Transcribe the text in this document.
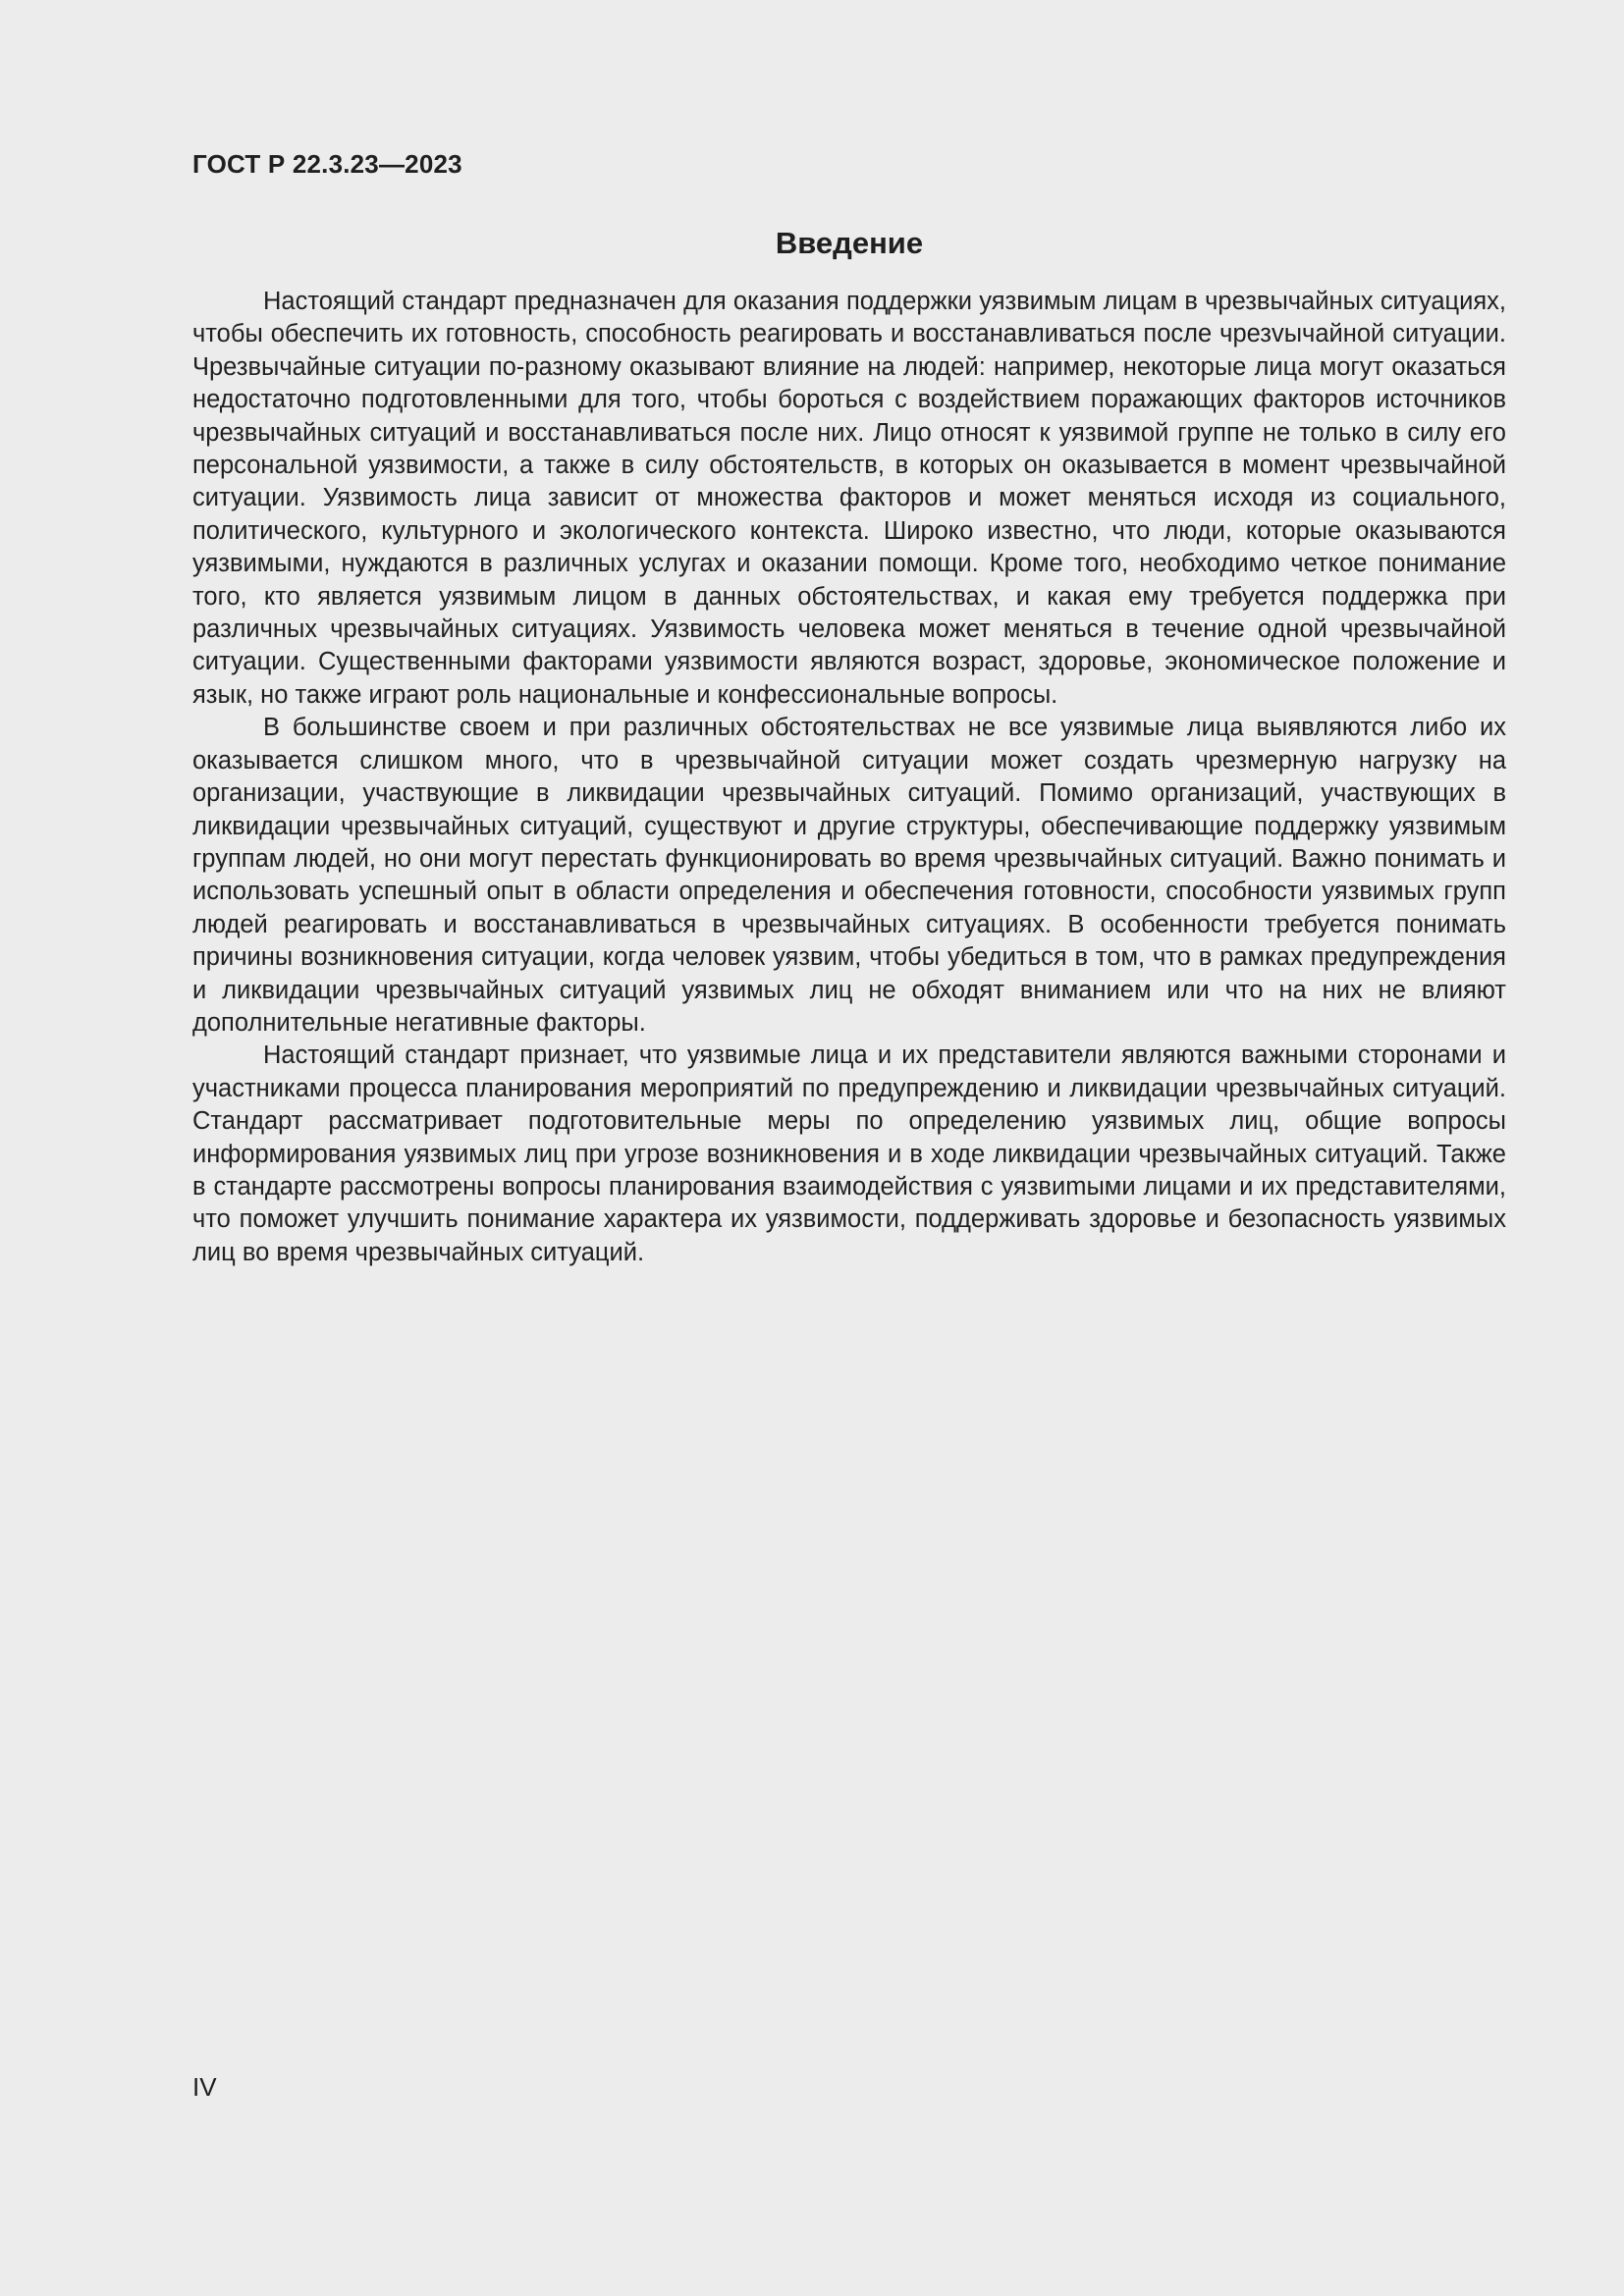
ГОСТ Р 22.3.23—2023
Введение

Настоящий стандарт предназначен для оказания поддержки уязвимым лицам в чрезвычайных ситуациях, чтобы обеспечить их готовность, способность реагировать и восстанавливаться после чрезvычайной ситуации. Чрезвычайные ситуации по-разному оказывают влияние на людей: например, некоторые лица могут оказаться недостаточно подготовленными для того, чтобы бороться с воздействием поражающих факторов источников чрезвычайных ситуаций и восстанавливаться после них. Лицо относят к уязвимой группе не только в силу его персональной уязвимости, а также в силу обстоятельств, в которых он оказывается в момент чрезвычайной ситуации. Уязвимость лица зависит от множества факторов и может меняться исходя из социального, политического, культурного и экологического контекста. Широко известно, что люди, которые оказываются уязвимыми, нуждаются в различных услугах и оказании помощи. Кроме того, необходимо четкое понимание того, кто является уязвимым лицом в данных обстоятельствах, и какая ему требуется поддержка при различных чрезвычайных ситуациях. Уязвимость человека может меняться в течение одной чрезвычайной ситуации. Существенными факторами уязвимости являются возраст, здоровье, экономическое положение и язык, но также играют роль национальные и конфессиональные вопросы.

В большинстве своем и при различных обстоятельствах не все уязвимые лица выявляются либо их оказывается слишком много, что в чрезвычайной ситуации может создать чрезмерную нагрузку на организации, участвующие в ликвидации чрезвычайных ситуаций. Помимо организаций, участвующих в ликвидации чрезвычайных ситуаций, существуют и другие структуры, обеспечивающие поддержку уязвимым группам людей, но они могут перестать функционировать во время чрезвычайных ситуаций. Важно понимать и использовать успешный опыт в области определения и обеспечения готовности, способности уязвимых групп людей реагировать и восстанавливаться в чрезвычайных ситуациях. В особенности требуется понимать причины возникновения ситуации, когда человек уязвим, чтобы убедиться в том, что в рамках предупреждения и ликвидации чрезвычайных ситуаций уязвимых лиц не обходят вниманием или что на них не влияют дополнительные негативные факторы.

Настоящий стандарт признает, что уязвимые лица и их представители являются важными сторонами и участниками процесса планирования мероприятий по предупреждению и ликвидации чрезвычайных ситуаций. Стандарт рассматривает подготовительные меры по определению уязвимых лиц, общие вопросы информирования уязвимых лиц при угрозе возникновения и в ходе ликвидации чрезвычайных ситуаций. Также в стандарте рассмотрены вопросы планирования взаимодействия с уязвиmыми лицами и их представителями, что поможет улучшить понимание характера их уязвимости, поддерживать здоровье и безопасность уязвимых лиц во время чрезвычайных ситуаций.

IV
